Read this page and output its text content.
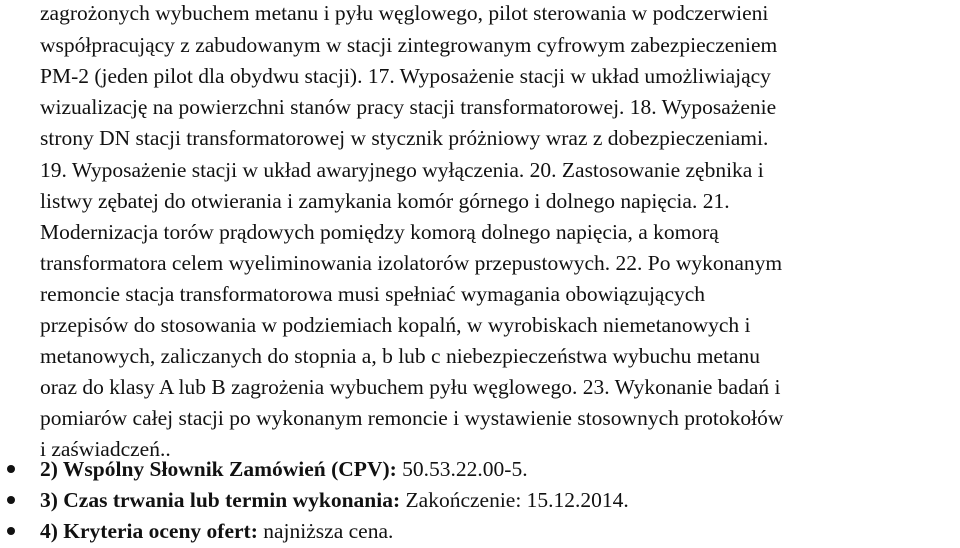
zagrożonych wybuchem metanu i pyłu węglowego, pilot sterowania w podczerwieni
współpracujący z zabudowanym w stacji zintegrowanym cyfrowym zabezpieczeniem
PM-2 (jeden pilot dla obydwu stacji). 17. Wyposażenie stacji w układ umożliwiający
wizualizację na powierzchni stanów pracy stacji transformatorowej. 18. Wyposażenie
strony DN stacji transformatorowej w stycznik próżniowy wraz z dobezpieczeniami.
19. Wyposażenie stacji w układ awaryjnego wyłączenia. 20. Zastosowanie zębnika i
listwy zębatej do otwierania i zamykania komór górnego i dolnego napięcia. 21.
Modernizacja torów prądowych pomiędzy komorą dolnego napięcia, a komorą
transformatora celem wyeliminowania izolatorów przepustowych. 22. Po wykonanym
remoncie stacja transformatorowa musi spełniać wymagania obowiązujących
przepisów do stosowania w podziemiach kopalń, w wyrobiskach niemetanowych i
metanowych, zaliczanych do stopnia a, b lub c niebezpieczeństwa wybuchu metanu
oraz do klasy A lub B zagrożenia wybuchem pyłu węglowego. 23. Wykonanie badań i
pomiarów całej stacji po wykonanym remoncie i wystawienie stosownych protokołów
i zaświadczeń..
2) Wspólny Słownik Zamówień (CPV): 50.53.22.00-5.
3) Czas trwania lub termin wykonania: Zakończenie: 15.12.2014.
4) Kryteria oceny ofert: najniższa cena.
